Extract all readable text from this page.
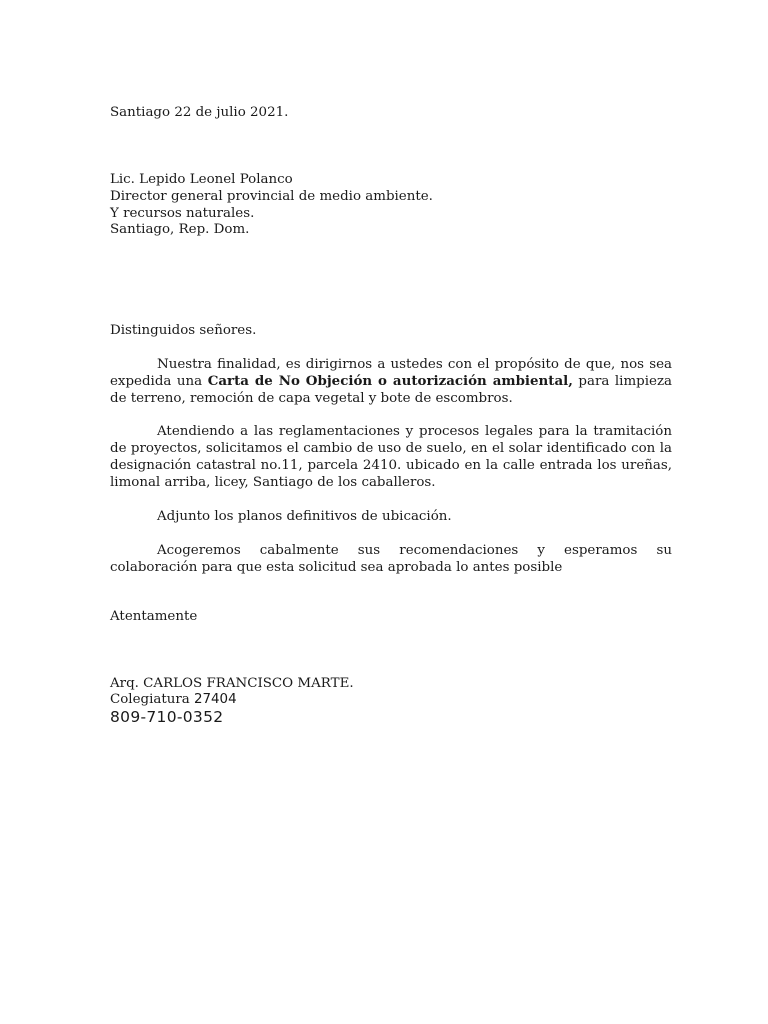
Santiago 22 de julio 2021.
Lic. Lepido Leonel Polanco
Director general provincial de medio ambiente.
Y recursos naturales.
Santiago, Rep. Dom.
Distinguidos señores.
Nuestra finalidad, es dirigirnos a ustedes con el propósito de que, nos sea expedida una Carta de No Objeción o autorización ambiental, para limpieza de terreno, remoción de capa vegetal y bote de escombros.
Atendiendo a las reglamentaciones y procesos legales para la tramitación de proyectos, solicitamos el cambio de uso de suelo, en el solar identificado con la designación catastral no.11, parcela 2410. ubicado en la calle entrada los ureñas, limonal arriba, licey, Santiago de los caballeros.
Adjunto los planos definitivos de ubicación.
Acogeremos cabalmente sus recomendaciones y esperamos su colaboración para que esta solicitud sea aprobada lo antes posible
Atentamente
Arq. CARLOS FRANCISCO MARTE.
Colegiatura 27404
809-710-0352
